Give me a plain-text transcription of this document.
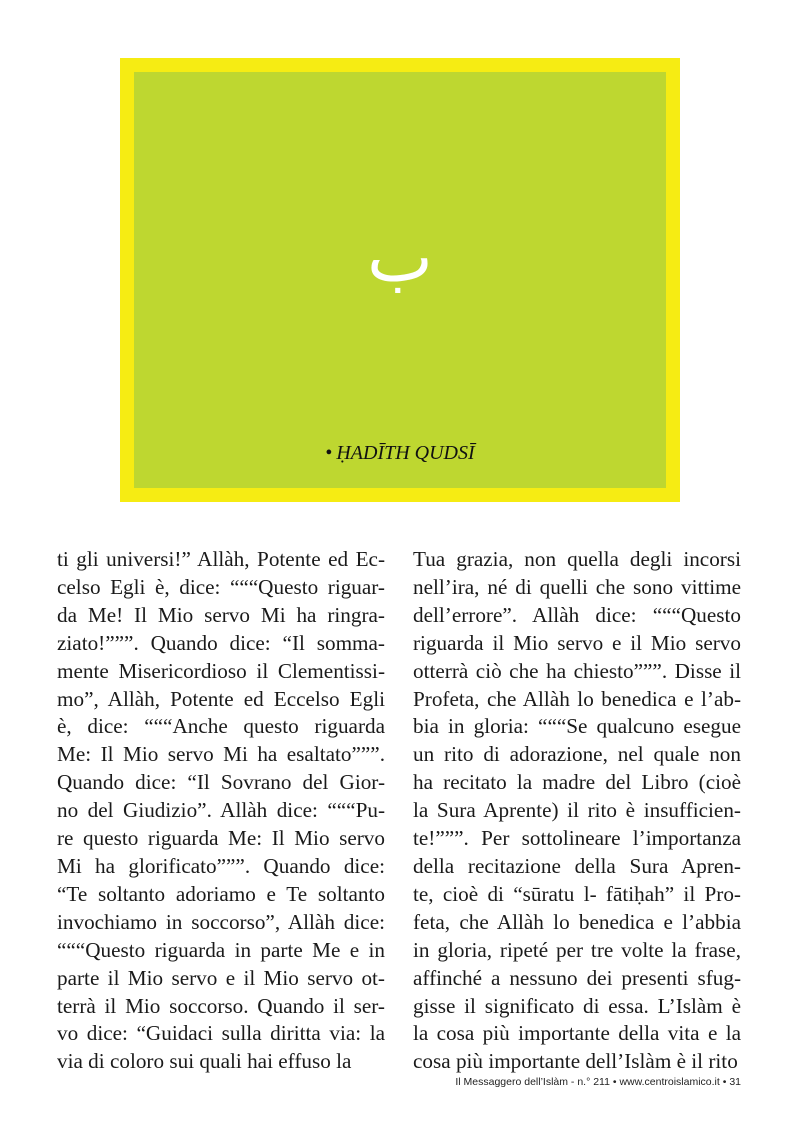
ب
• ḤADĪTH QUDSĪ
ti gli universi!” Allàh, Potente ed Ec-
celso Egli è, dice: “““Questo riguar-
da Me! Il Mio servo Mi ha ringra-
ziato!”””. Quando dice: “Il somma-
mente Misericordioso il Clementissi-
mo”, Allàh, Potente ed Eccelso Egli
è, dice: “““Anche questo riguarda
Me: Il Mio servo Mi ha esaltato”””.
Quando dice: “Il Sovrano del Gior-
no del Giudizio”. Allàh dice: “““Pu-
re questo riguarda Me: Il Mio servo
Mi ha glorificato”””. Quando dice:
“Te soltanto adoriamo e Te soltanto
invochiamo in soccorso”, Allàh dice:
“““Questo riguarda in parte Me e in
parte il Mio servo e il Mio servo ot-
terrà il Mio soccorso. Quando il ser-
vo dice: “Guidaci sulla diritta via: la
via di coloro sui quali hai effuso la
Tua grazia, non quella degli incorsi
nell’ira, né di quelli che sono vittime
dell’errore”. Allàh dice: “““Questo
riguarda il Mio servo e il Mio servo
otterrà ciò che ha chiesto”””. Disse il
Profeta, che Allàh lo benedica e l’ab-
bia in gloria: “““Se qualcuno esegue
un rito di adorazione, nel quale non
ha recitato la madre del Libro (cioè
la Sura Aprente) il rito è insufficien-
te!”””. Per sottolineare l’importanza
della recitazione della Sura Apren-
te, cioè di “sūratu l- fātiḥah” il Pro-
feta, che Allàh lo benedica e l’abbia
in gloria, ripeté per tre volte la frase,
affinché a nessuno dei presenti sfug-
gisse il significato di essa. L’Islàm è
la cosa più importante della vita e la
cosa più importante dell’Islàm è il rito
Il Messaggero dell’Islàm - n.° 211 • www.centroislamico.it • 31
